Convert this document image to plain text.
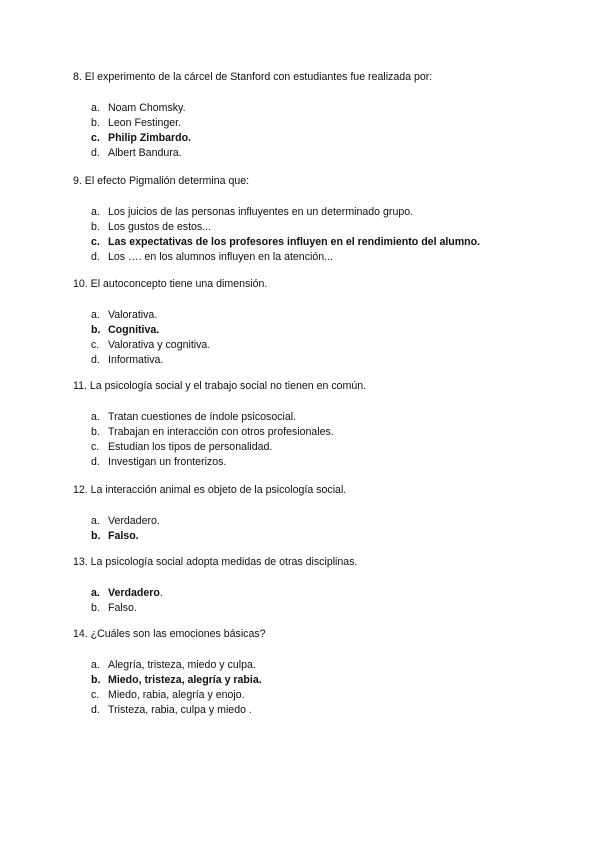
8. El experimento de la cárcel de Stanford con estudiantes fue realizada por:
a. Noam Chomsky.
b. Leon Festinger.
c. Philip Zimbardo.
d. Albert Bandura.
9. El efecto Pigmalión determina que:
a. Los juicios de las personas influyentes en un determinado grupo.
b. Los gustos de estos...
c. Las expectativas de los profesores influyen en el rendimiento del alumno.
d. Los …. en los alumnos influyen en la atención...
10. El autoconcepto tiene una dimensión.
a. Valorativa.
b. Cognitiva.
c. Valorativa y cognitiva.
d. Informativa.
11. La psicología social y el trabajo social no tienen en común.
a. Tratan cuestiones de índole psicosocial.
b. Trabajan en interacción con otros profesionales.
c. Estudian los tipos de personalidad.
d. Investigan un fronterizos.
12. La interacción animal es objeto de la psicología social.
a. Verdadero.
b. Falso.
13. La psicología social adopta medidas de otras disciplinas.
a. Verdadero.
b. Falso.
14. ¿Cuáles son las emociones básicas?
a. Alegría, tristeza, miedo y culpa.
b. Miedo, tristeza, alegría y rabia.
c. Miedo, rabia, alegría y enojo.
d. Tristeza, rabia, culpa y miedo .
